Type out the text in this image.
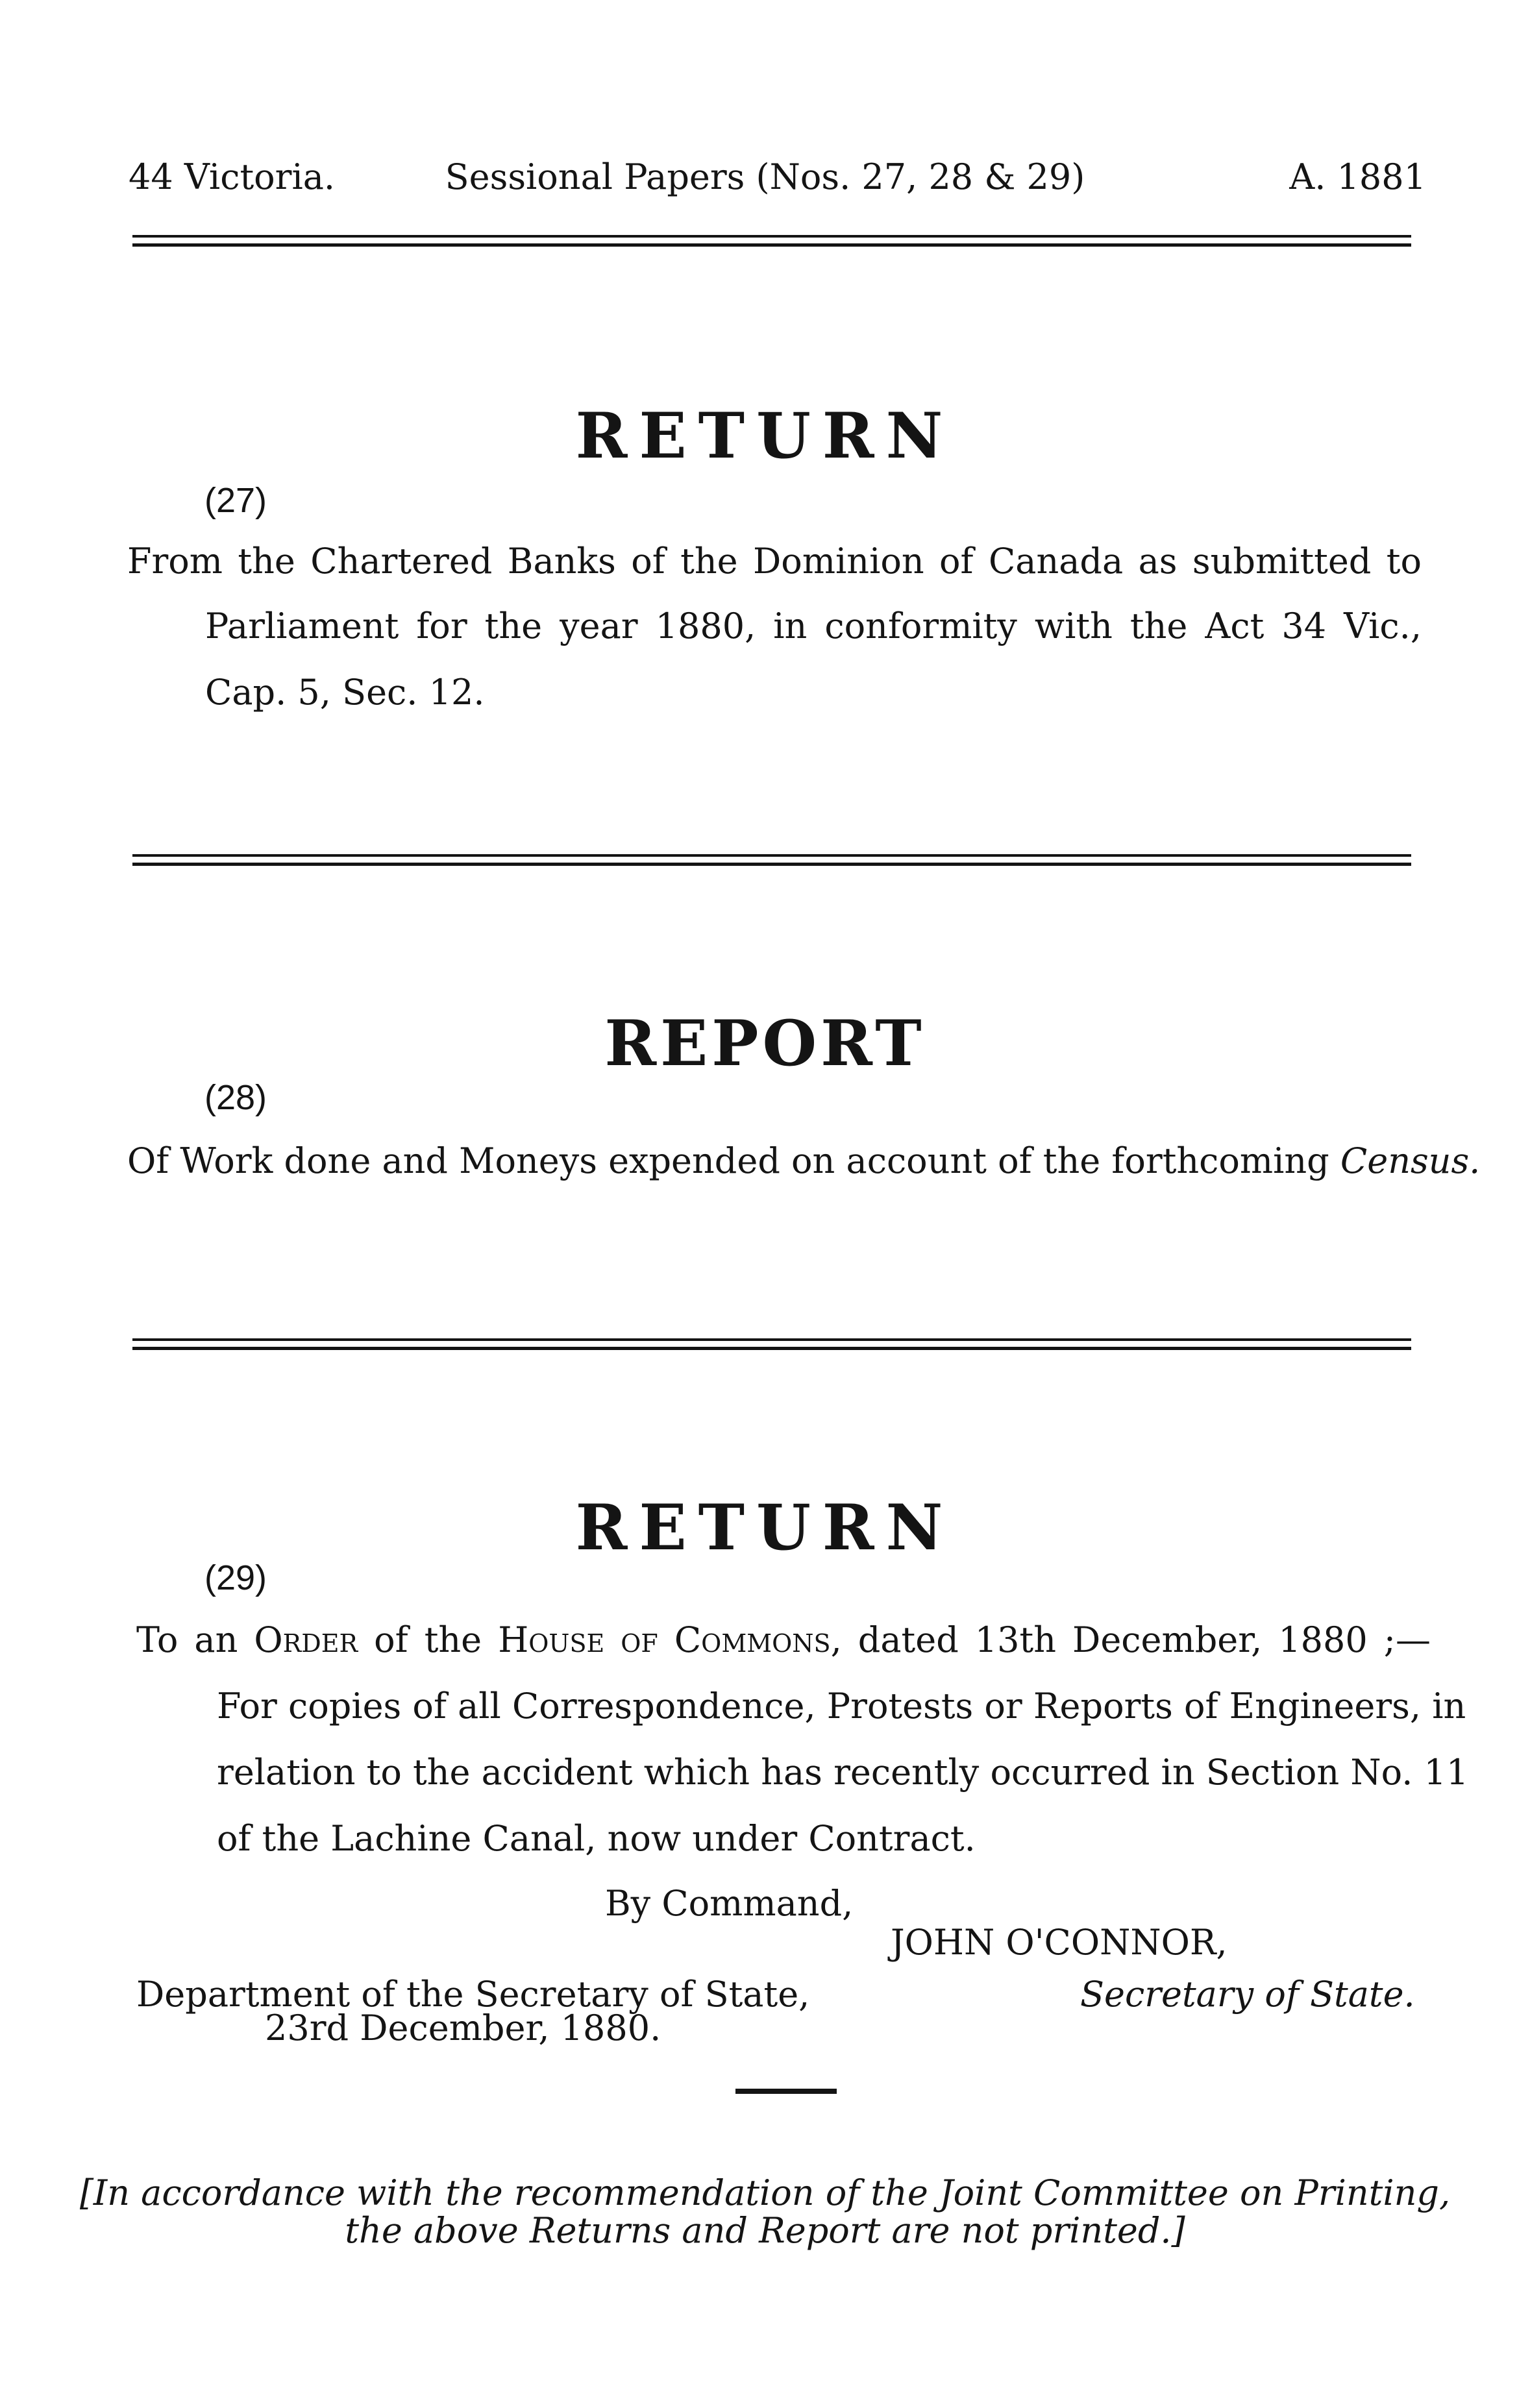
44 Victoria.	Sessional Papers (Nos. 27, 28 & 29)	A. 1881
RETURN
(27)
From the Chartered Banks of the Dominion of Canada as submitted to
Parliament for the year 1880, in conformity with the Act 34 Vic.,
Cap. 5, Sec. 12.
REPORT
(28)
Of Work done and Moneys expended on account of the forthcoming Census.
RETURN
(29)
To an Order of the House of Commons, dated 13th December, 1880 ;—
For copies of all Correspondence, Protests or Reports of Engineers, in
relation to the accident which has recently occurred in Section No. 11
of the Lachine Canal, now under Contract.
By Command,
JOHN O'CONNOR,
Secretary of State.
Department of the Secretary of State,
23rd December, 1880.
[In accordance with the recommendation of the Joint Committee on Printing,
the above Returns and Report are not printed.]
